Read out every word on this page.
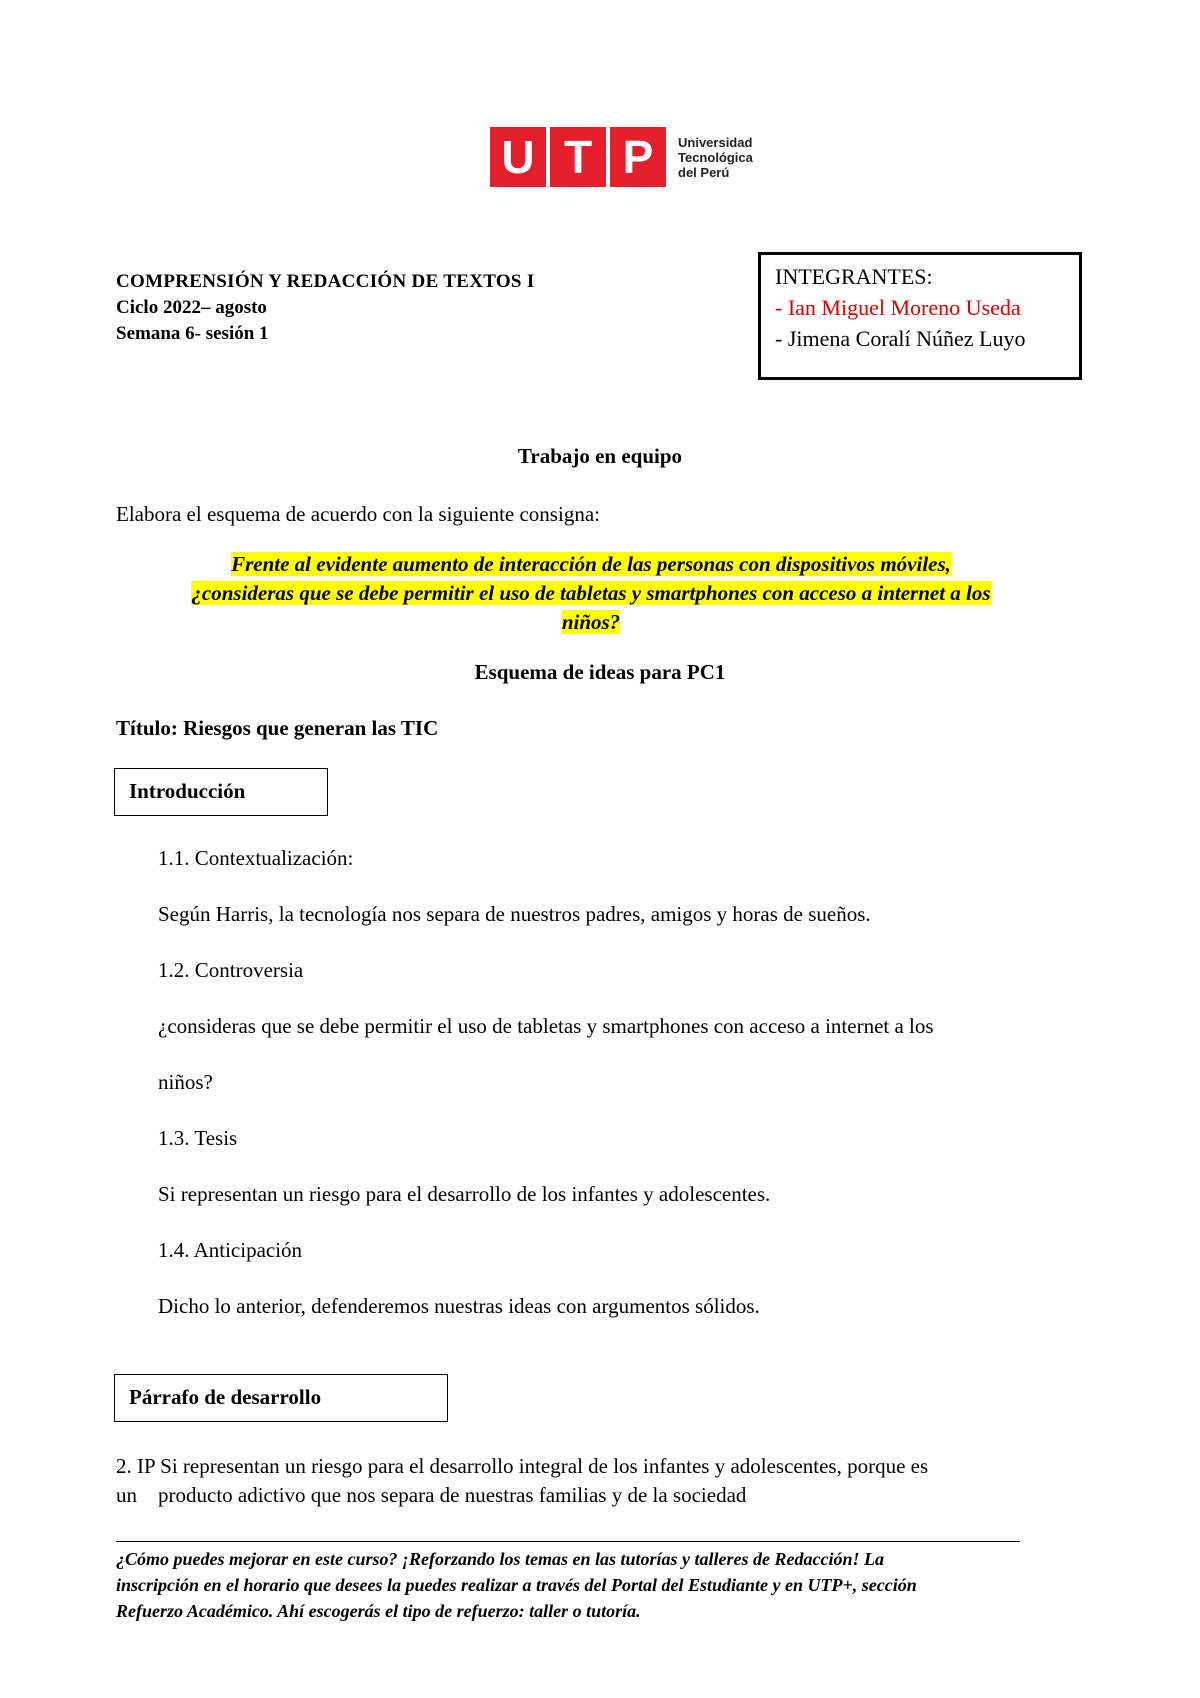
U T P	Universidad
Tecnológica
del Perú
COMPRENSIÓN Y REDACCIÓN DE TEXTOS I
Ciclo 2022– agosto
Semana 6- sesión 1
INTEGRANTES:
- Ian Miguel Moreno Useda
- Jimena Coralí Núñez Luyo
Trabajo en equipo
Elabora el esquema de acuerdo con la siguiente consigna:
Frente al evidente aumento de interacción de las personas con dispositivos móviles,
¿consideras que se debe permitir el uso de tabletas y smartphones con acceso a internet a los
niños?
Esquema de ideas para PC1
Título: Riesgos que generan las TIC
Introducción
1.1. Contextualización:
Según Harris, la tecnología nos separa de nuestros padres, amigos y horas de sueños.
1.2. Controversia
¿consideras que se debe permitir el uso de tabletas y smartphones con acceso a internet a los
niños?
1.3. Tesis
Si representan un riesgo para el desarrollo de los infantes y adolescentes.
1.4. Anticipación
Dicho lo anterior, defenderemos nuestras ideas con argumentos sólidos.
Párrafo de desarrollo
2. IP Si representan un riesgo para el desarrollo integral de los infantes y adolescentes, porque es
un    producto adictivo que nos separa de nuestras familias y de la sociedad
¿Cómo puedes mejorar en este curso? ¡Reforzando los temas en las tutorías y talleres de Redacción! La
inscripción en el horario que desees la puedes realizar a través del Portal del Estudiante y en UTP+, sección
Refuerzo Académico. Ahí escogerás el tipo de refuerzo: taller o tutoría.
